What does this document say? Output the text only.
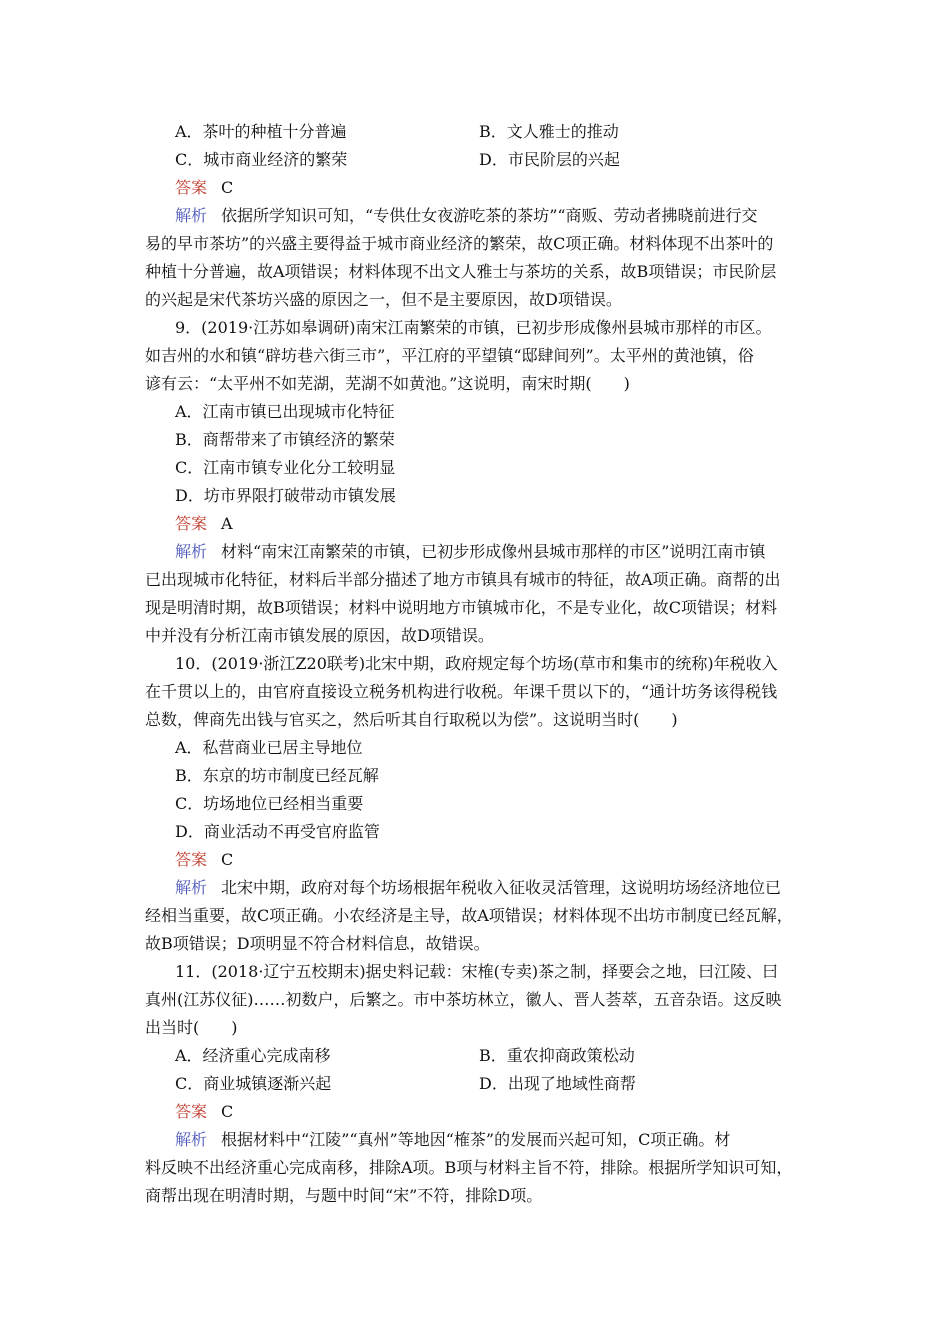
A．茶叶的种植十分普遍	B．文人雅士的推动
C．城市商业经济的繁荣	D．市民阶层的兴起
答案 C
解析 依据所学知识可知，“专供仕女夜游吃茶的茶坊”“商贩、劳动者拂晓前进行交
易的早市茶坊”的兴盛主要得益于城市商业经济的繁荣，故C项正确。材料体现不出茶叶的
种植十分普遍，故A项错误；材料体现不出文人雅士与茶坊的关系，故B项错误；市民阶层
的兴起是宋代茶坊兴盛的原因之一，但不是主要原因，故D项错误。
9．(2019·江苏如皋调研)南宋江南繁荣的市镇，已初步形成像州县城市那样的市区。
如吉州的水和镇“辟坊巷六街三市”，平江府的平望镇“邸肆间列”。太平州的黄池镇，俗
谚有云：“太平州不如芜湖，芜湖不如黄池。”这说明，南宋时期(　　)
A．江南市镇已出现城市化特征
B．商帮带来了市镇经济的繁荣
C．江南市镇专业化分工较明显
D．坊市界限打破带动市镇发展
答案 A
解析 材料“南宋江南繁荣的市镇，已初步形成像州县城市那样的市区”说明江南市镇
已出现城市化特征，材料后半部分描述了地方市镇具有城市的特征，故A项正确。商帮的出
现是明清时期，故B项错误；材料中说明地方市镇城市化，不是专业化，故C项错误；材料
中并没有分析江南市镇发展的原因，故D项错误。
10．(2019·浙江Z20联考)北宋中期，政府规定每个坊场(草市和集市的统称)年税收入
在千贯以上的，由官府直接设立税务机构进行收税。年课千贯以下的，“通计坊务该得税钱
总数，俾商先出钱与官买之，然后听其自行取税以为偿”。这说明当时(　　)
A．私营商业已居主导地位
B．东京的坊市制度已经瓦解
C．坊场地位已经相当重要
D．商业活动不再受官府监管
答案 C
解析 北宋中期，政府对每个坊场根据年税收入征收灵活管理，这说明坊场经济地位已
经相当重要，故C项正确。小农经济是主导，故A项错误；材料体现不出坊市制度已经瓦解，
故B项错误；D项明显不符合材料信息，故错误。
11．(2018·辽宁五校期末)据史料记载：宋榷(专卖)茶之制，择要会之地，曰江陵、曰
真州(江苏仪征)……初数户，后繁之。市中茶坊林立，徽人、晋人荟萃，五音杂语。这反映
出当时(　　)
A．经济重心完成南移	B．重农抑商政策松动
C．商业城镇逐渐兴起	D．出现了地域性商帮
答案 C
解析 根据材料中“江陵”“真州”等地因“榷茶”的发展而兴起可知，C项正确。材
料反映不出经济重心完成南移，排除A项。B项与材料主旨不符，排除。根据所学知识可知，
商帮出现在明清时期，与题中时间“宋”不符，排除D项。
